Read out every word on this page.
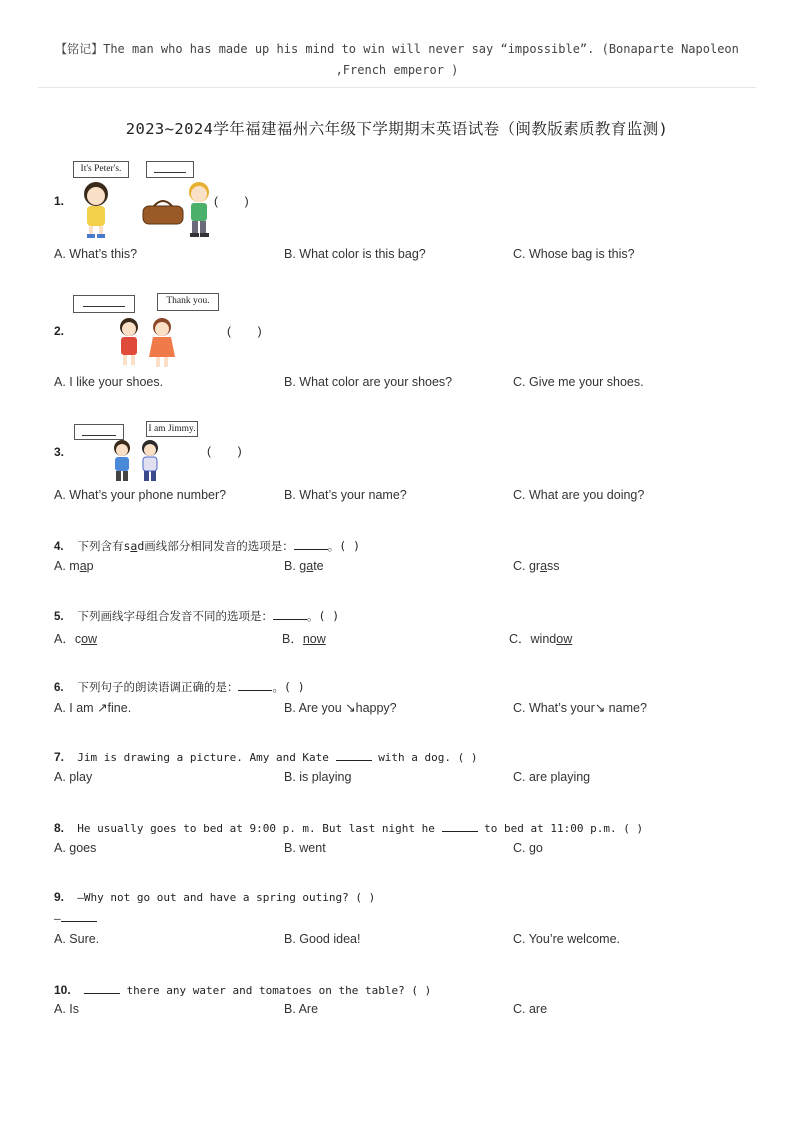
【铭记】The man who has made up his mind to win will never say “impossible”. (Bonaparte Napoleon
,French emperor )
2023~2024学年福建福州六年级下学期期末英语试卷（闽教版素质教育监测)
1.
It's Peter's.
(        )
A. What’s this?	B. What color is this bag?	C. Whose bag is this?
2.
Thank you.
(        )
A. I like your shoes.	B. What color are your shoes?	C. Give me your shoes.
3.
I am Jimmy.
(        )
A. What’s your phone number?	B. What’s your name?	C. What are you doing?
4. 下列含有sad画线部分相同发音的选项是：	。( )
A. map	B. gate	C. grass
5. 下列画线字母组合发音不同的选项是：	。( )
A．cow	B．now	C．window
6. 下列句子的朗读语调正确的是：	。( )
A. I am ↗fine.	B. Are you ↘happy?	C. What’s your↘ name?
7. Jim is drawing a picture. Amy and Kate	with a dog. ( )
A. play	B. is playing	C. are playing
8. He usually goes to bed at 9:00 p. m. But last night he	to bed at 11:00 p.m. ( )
A. goes	B. went	C. go
9. —Why not go out and have a spring outing? ( )
—
A. Sure.	B. Good idea!	C. You’re welcome.
10.	there any water and tomatoes on the table? ( )
A. Is	B. Are	C. are
